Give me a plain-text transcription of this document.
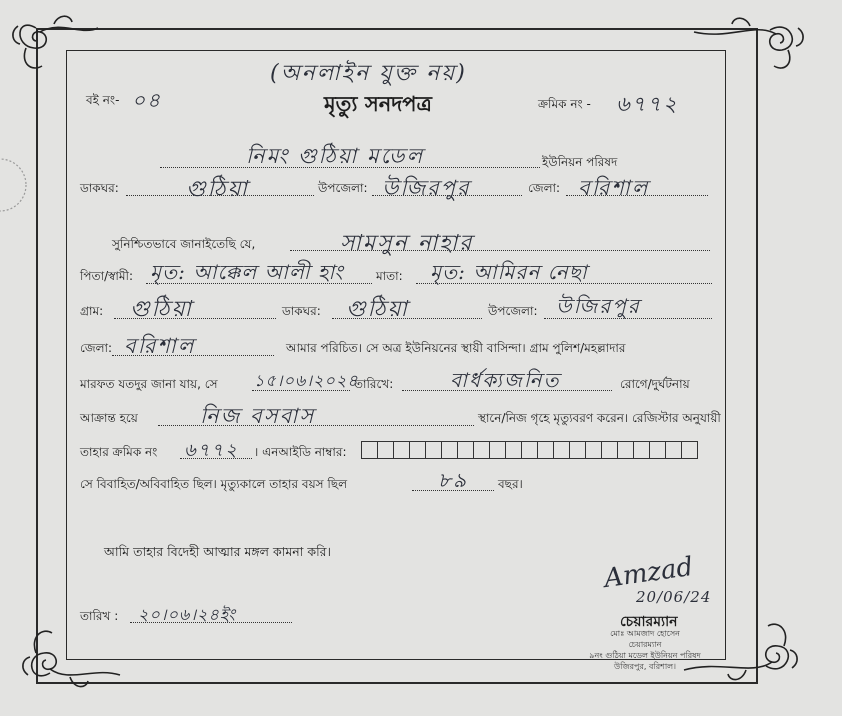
(অনলাইন যুক্ত নয়)
বই নং- ০৪	মৃত্যু সনদপত্র	ক্রমিক নং - ৬৭৭২
নিমং গুঠিয়া মডেল	ইউনিয়ন পরিষদ
ডাকঘর:	গুঠিয়া	উপজেলা: উজিরপুর	জেলা: বরিশাল
সুনিশ্চিতভাবে জানাইতেছি যে,	সামসুন নাহার
পিতা/স্বামী: মৃত: আক্কেল আলী হাং	মাতা: মৃত: আমিরন নেছা
গ্রাম: গুঠিয়া	ডাকঘর: গুঠিয়া	উপজেলা: উজিরপুর
জেলা: বরিশাল	আমার পরিচিত। সে অত্র ইউনিয়নের স্থায়ী বাসিন্দা। গ্রাম পুলিশ/মহল্লাদার
মারফত যতদুর জানা যায়, সে ১৫।০৬।২০২৪
তারিখে:	বার্ধক্যজনিত	রোগে/দুর্ঘটনায়
আক্রান্ত হয়ে	নিজ বসবাস	স্থানে/নিজ গৃহে মৃত্যুবরণ করেন। রেজিস্টার অনুযায়ী
তাহার ক্রমিক নং ৬৭৭২ । এনআইডি নাম্বার:
সে বিবাহিত/অবিবাহিত ছিল। মৃত্যুকালে তাহার বয়স ছিল	৮৯	বছর।
আমি তাহার বিদেহী আত্মার মঙ্গল কামনা করি।
তারিখ : ২০।০৬।২৪ইং
Amzad
20/06/24
চেয়ারম্যান
মোঃ আমজাদ হোসেন
চেয়ারম্যান
৯নং গুঠিয়া মডেল ইউনিয়ন পরিষদ
উজিরপুর, বরিশাল।
